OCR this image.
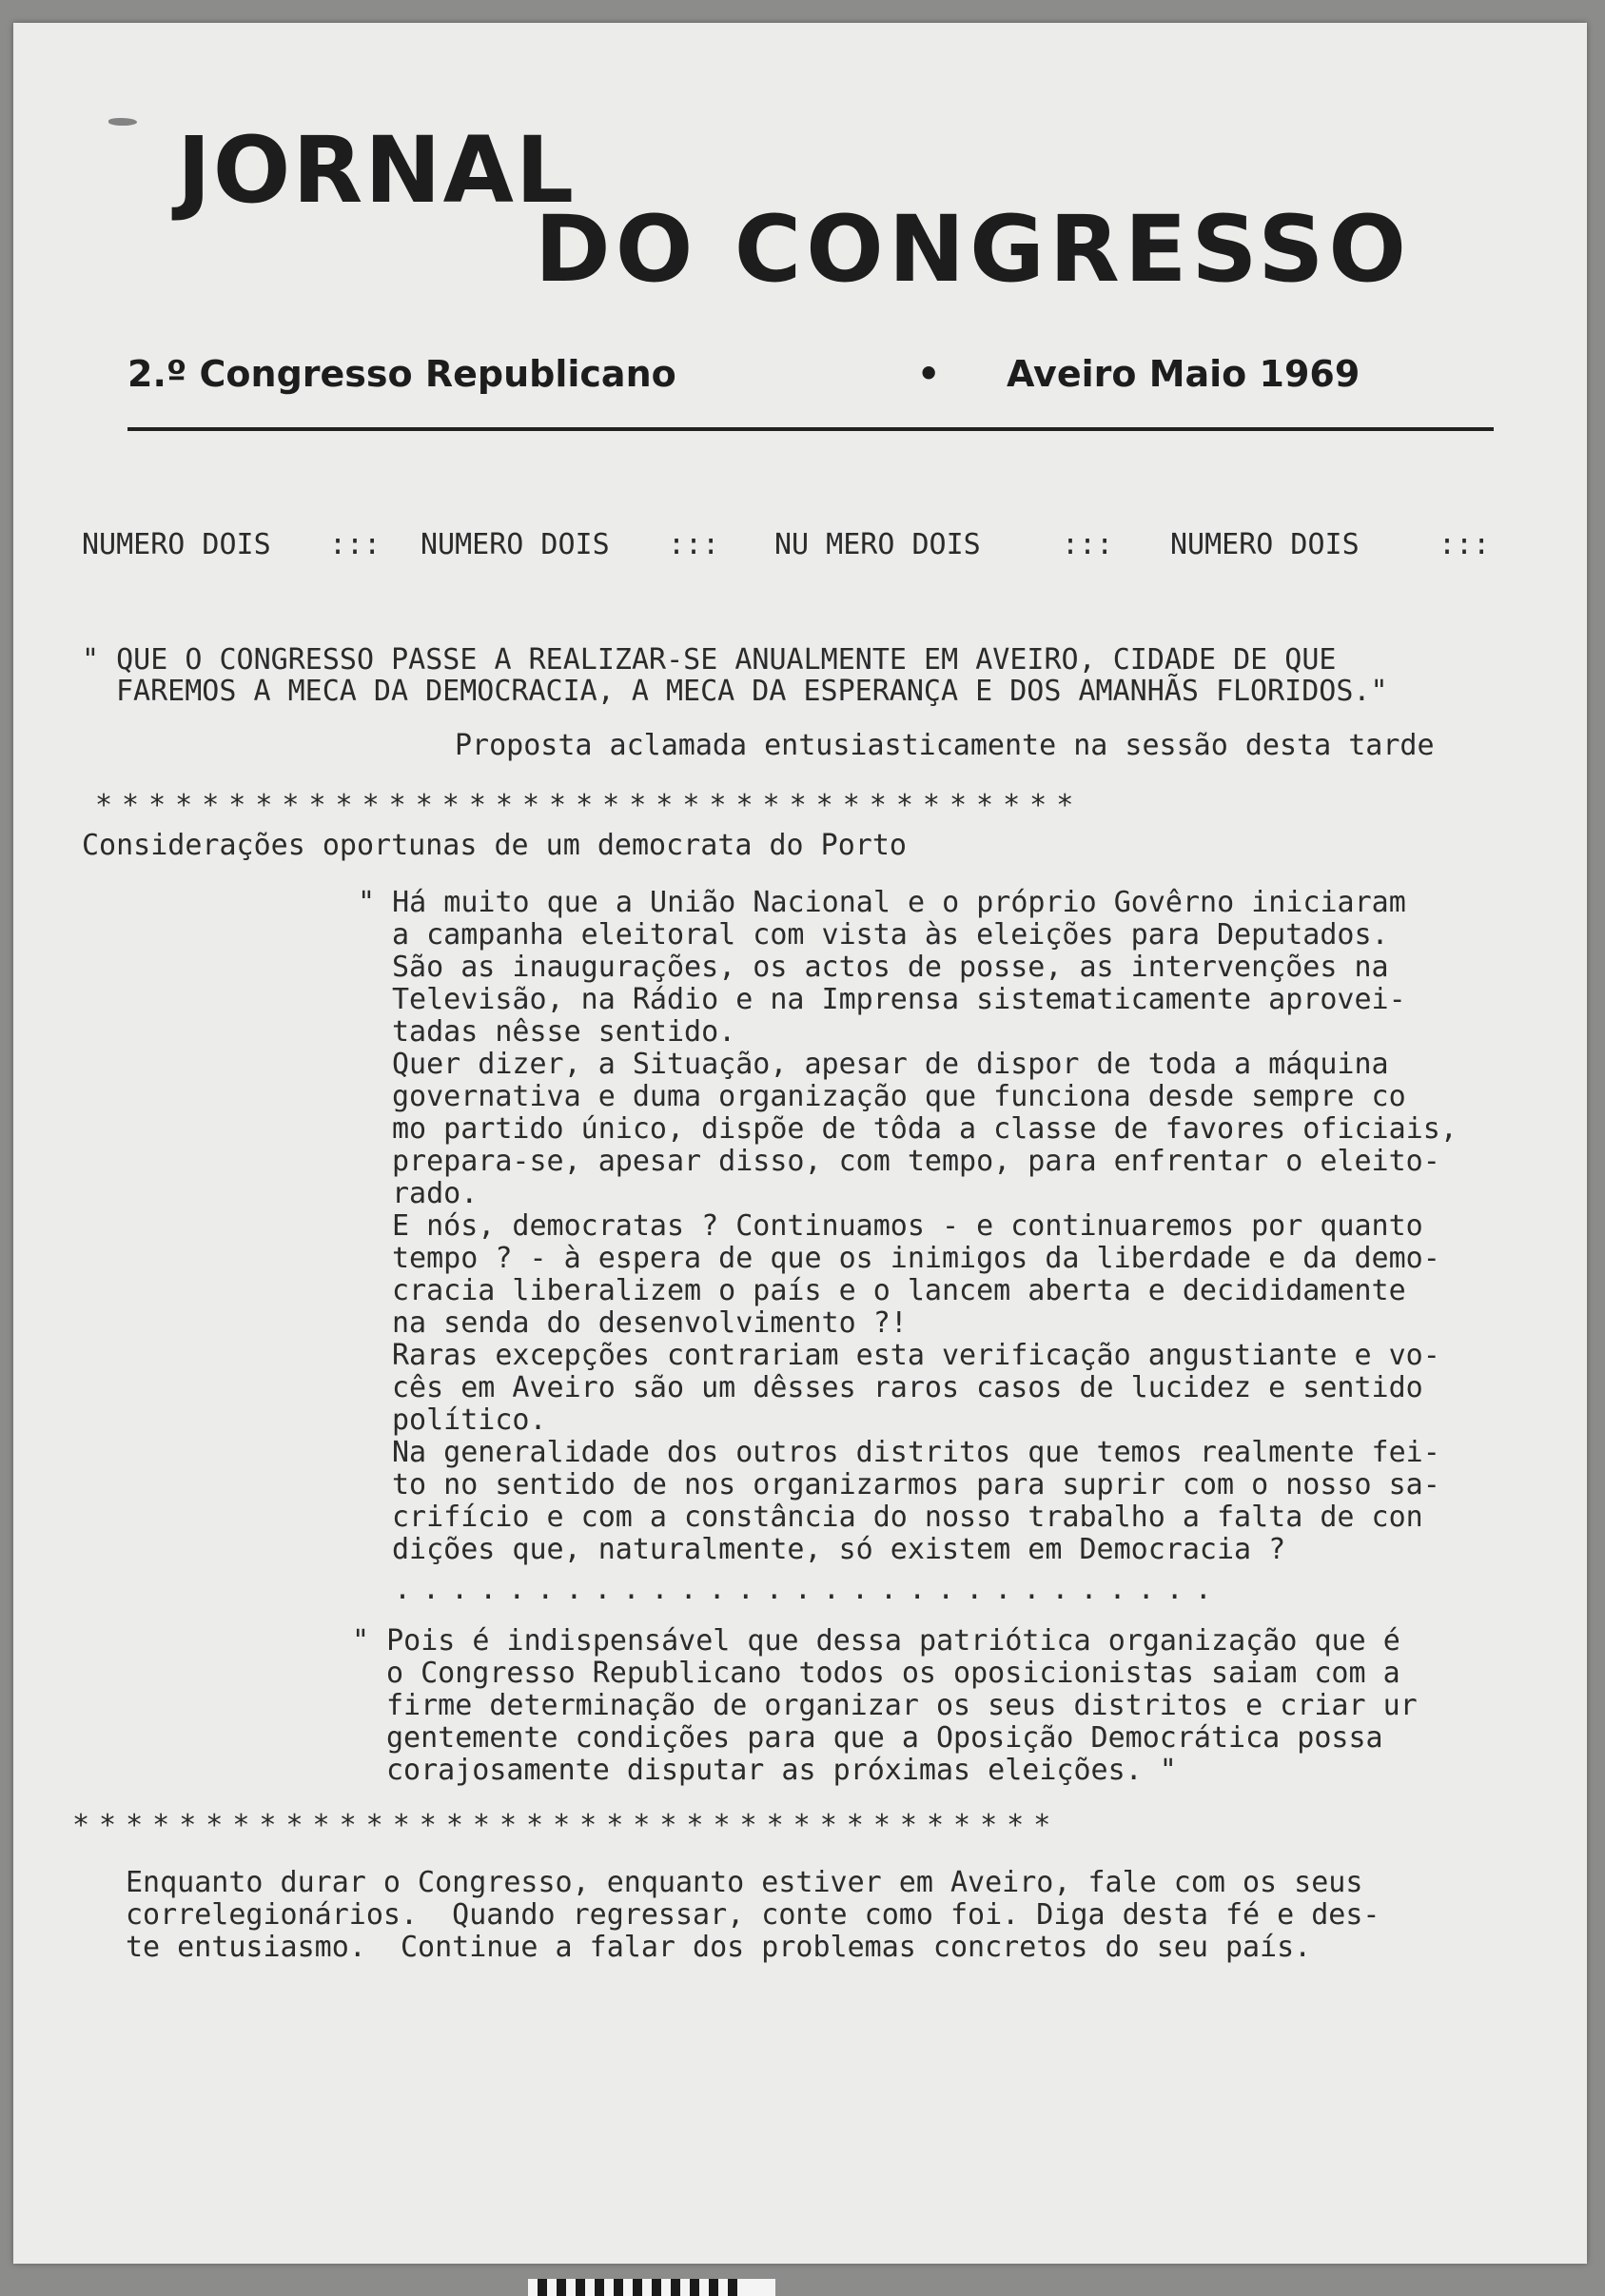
JORNAL
DO CONGRESSO
2.º Congresso Republicano	• Aveiro Maio 1969
NUMERO DOIS ::: NUMERO DOIS ::: NU MERO DOIS	::: NUMERO DOIS	:::
" QUE O CONGRESSO PASSE A REALIZAR-SE ANUALMENTE EM AVEIRO, CIDADE DE QUE
FAREMOS A MECA DA DEMOCRACIA, A MECA DA ESPERANÇA E DOS AMANHÃS FLORIDOS."
Proposta aclamada entusiasticamente na sessão desta tarde
*************************************
Considerações oportunas de um democrata do Porto
" Há muito que a União Nacional e o próprio Govêrno iniciaram
a campanha eleitoral com vista às eleições para Deputados.
São as inaugurações, os actos de posse, as intervenções na
Televisão, na Rádio e na Imprensa sistematicamente aprovei-
tadas nêsse sentido.
Quer dizer, a Situação, apesar de dispor de toda a máquina
governativa e duma organização que funciona desde sempre co
mo partido único, dispõe de tôda a classe de favores oficiais,
prepara-se, apesar disso, com tempo, para enfrentar o eleito-
rado.
E nós, democratas ? Continuamos - e continuaremos por quanto
tempo ? - à espera de que os inimigos da liberdade e da demo-
cracia liberalizem o país e o lancem aberta e decididamente
na senda do desenvolvimento ?!
Raras excepções contrariam esta verificação angustiante e vo-
cês em Aveiro são um dêsses raros casos de lucidez e sentido
político.
Na generalidade dos outros distritos que temos realmente fei-
to no sentido de nos organizarmos para suprir com o nosso sa-
crifício e com a constância do nosso trabalho a falta de con
dições que, naturalmente, só existem em Democracia ?
.............................
" Pois é indispensável que dessa patriótica organização que é
o Congresso Republicano todos os oposicionistas saiam com a
firme determinação de organizar os seus distritos e criar ur
gentemente condições para que a Oposição Democrática possa
corajosamente disputar as próximas eleições. "
*************************************
Enquanto durar o Congresso, enquanto estiver em Aveiro, fale com os seus
correlegionários.  Quando regressar, conte como foi. Diga desta fé e des-
te entusiasmo.  Continue a falar dos problemas concretos do seu país.
